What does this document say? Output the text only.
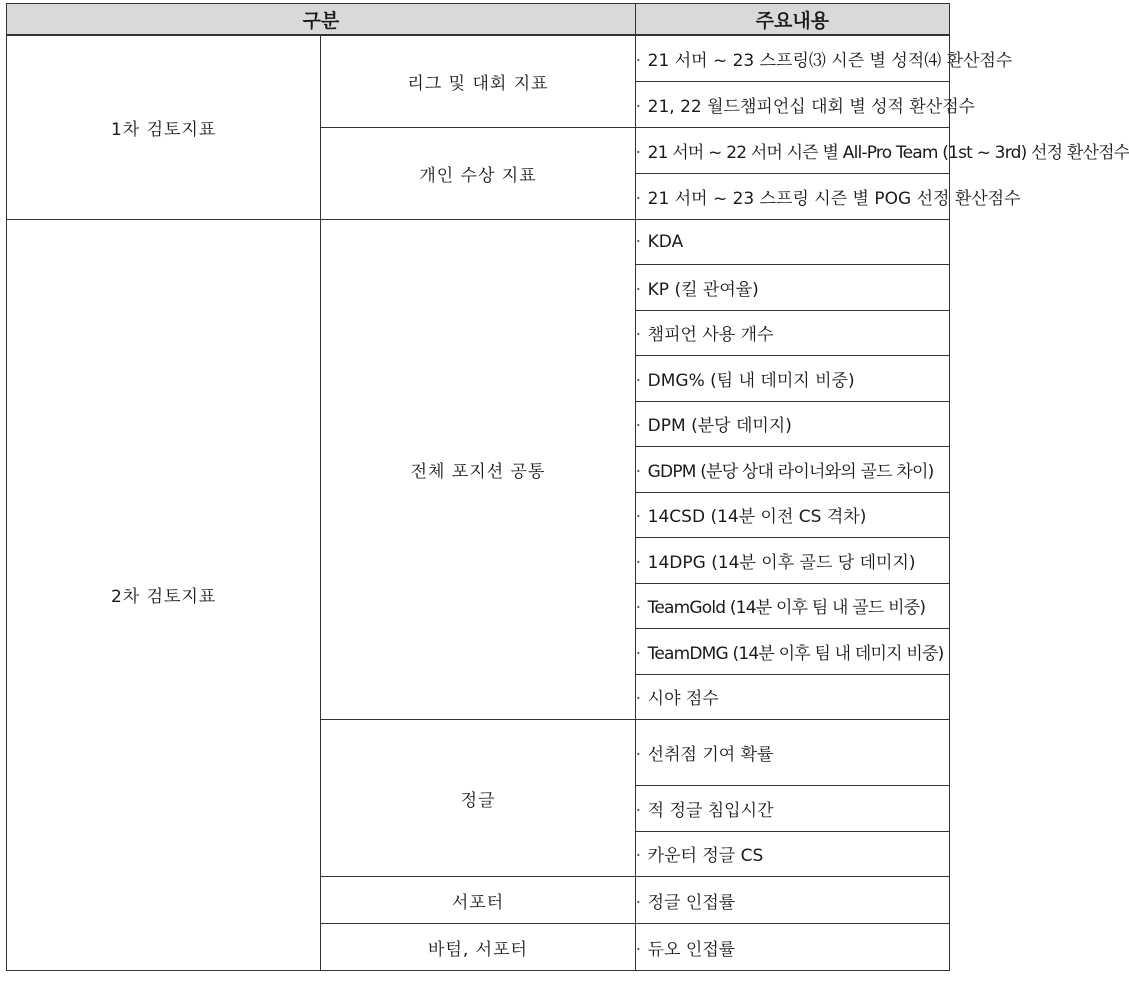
구분		주요내용
1차 검토지표	리그 및 대회 지표	· 21 서머 ~ 23 스프링⑶ 시즌 별 성적⑷ 환산점수
		· 21, 22 월드챔피언십 대회 별 성적 환산점수
	개인 수상 지표	· 21 서머 ~ 22 서머 시즌 별 All-Pro Team (1st ~ 3rd) 선정 환산점수
		· 21 서머 ~ 23 스프링 시즌 별 POG 선정 환산점수
2차 검토지표	전체 포지션 공통	· KDA
		· KP (킬 관여율)
		· 챔피언 사용 개수
		· DMG% (팀 내 데미지 비중)
		· DPM (분당 데미지)
		· GDPM (분당 상대 라이너와의 골드 차이)
		· 14CSD (14분 이전 CS 격차)
		· 14DPG (14분 이후 골드 당 데미지)
		· TeamGold (14분 이후 팀 내 골드 비중)
		· TeamDMG (14분 이후 팀 내 데미지 비중)
		· 시야 점수
	정글	· 선취점 기여 확률
		· 적 정글 침입시간
		· 카운터 정글 CS
	서포터	· 정글 인접률
	바텀, 서포터	· 듀오 인접률
